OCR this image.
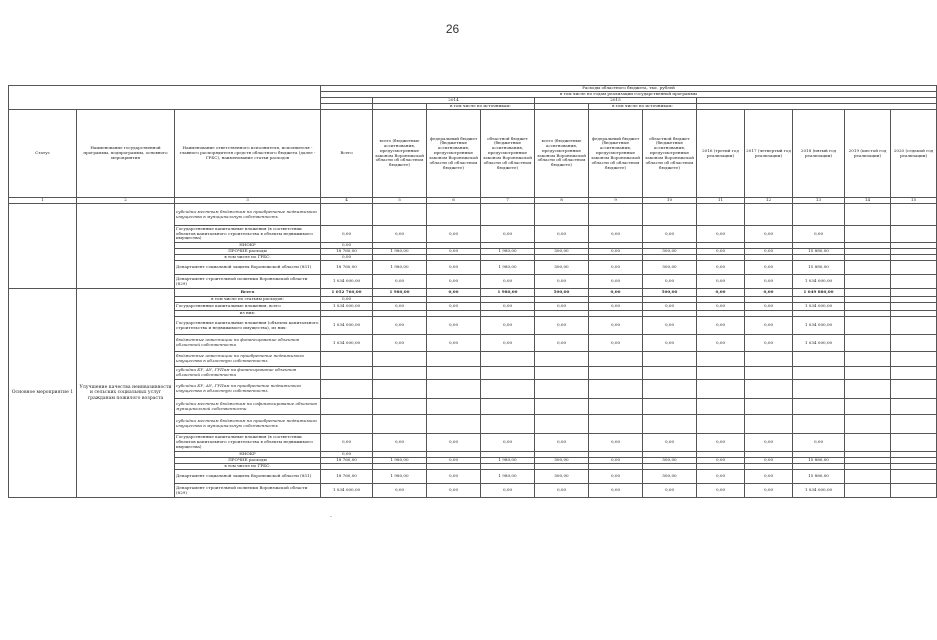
26
			Расходы областного бюджета, тыс. рублей											
			в том числе по годам реализации государственной программы											
				2014			2015							
					в том числе по источникам:			в том числе по источникам:						
Статус	Наименование государственной программы, подпрограммы, основного мероприятия	Наименование ответственного исполнителя, исполнителя - главного распорядителя средств областного бюджета (далее - ГРБС), наименование статьи расходов	Всего	всего (бюджетные ассигнования, предусмотренные законом Воронежской области об областном бюджете)	федеральный бюджет (бюджетные ассигнования, предусмотренные законом Воронежской области об областном бюджете)	областной бюджет (бюджетные ассигнования, предусмотренные законом Воронежской области об областном бюджете)	всего (бюджетные ассигнования, предусмотренные законом Воронежской области об областном бюджете)	федеральный бюджет (бюджетные ассигнования, предусмотренные законом Воронежской области об областном бюджете)	областной бюджет (бюджетные ассигнования, предусмотренные законом Воронежской области об областном бюджете)	2016 (третий год реализации)	2017 (четвертый год реализации)	2018 (пятый год реализации)	2019 (шестой год реализации)	2020 (седьмой год реализации)
1	2	3	4	5	6	7	8	9	10	11	12	13	14	15
		субсидии местным бюджетам на приобретение недвижимого имущества в муниципальную собственность												
		Государственные капитальные вложения (в соответствии объектов капитального строительства в объекты недвижимого имущества)	0,00	0,00	0,00	0,00	0,00	0,00	0,00	0,00	0,00	0,00		
		НИОКР	0,00											
		ПРОЧИЕ расходы	18 760,00	1 980,00	0,00	1 980,00	500,00	0,00	500,00	0,00	0,00	15 880,00		
		в том числе по ГРБС:	0,00											
		Департамент социальной защиты Воронежской области (851)	18 760,00	1 980,00	0,00	1 980,00	500,00	0,00	500,00	0,00	0,00	15 880,00		
		Департамент строительной политики Воронежской области (829)	1 034 000,00	0,00	0,00	0,00	0,00	0,00	0,00	0,00	0,00	1 034 000,00		
Основное мероприятие 1	Улучшение качества неинвазивности и сельских социальных услуг гражданам пожилого возраста	Всего	1 052 760,00	1 980,00	0,00	1 980,00	500,00	0,00	500,00	0,00	0,00	1 049 880,00		
		в том числе по статьям расходов:	0,00											
		Государственные капитальные вложения, всего	1 034 000,00	0,00	0,00	0,00	0,00	0,00	0,00	0,00	0,00	1 034 000,00		
		из них:												
		Государственные капитальные вложения (объекты капитального строительства и недвижимого имущества), из них:	1 034 000,00	0,00	0,00	0,00	0,00	0,00	0,00	0,00	0,00	1 034 000,00		
		бюджетные инвестиции на финансирование объектов областной собственности	1 034 000,00	0,00	0,00	0,00	0,00	0,00	0,00	0,00	0,00	1 034 000,00		
		бюджетные инвестиции на приобретение недвижимого имущества в областную собственность												
		субсидии БУ, АУ, ГУПам на финансирование объектов областной собственности												
		субсидии БУ, АУ, ГУПам на приобретение недвижимого имущества в областную собственность												
		субсидии местным бюджетам на софинансирование объектов муниципальной собственности												
		субсидии местным бюджетам на приобретение недвижимого имущества в муниципальную собственность												
		Государственные капитальные вложения (в соответствии объектов капитального строительства в объекты недвижимого имущества)	0,00	0,00	0,00	0,00	0,00	0,00	0,00	0,00	0,00	0,00		
		НИОКР	0,00											
		ПРОЧИЕ расходы	18 760,00	1 980,00	0,00	1 980,00	500,00	0,00	500,00	0,00	0,00	15 880,00		
		в том числе по ГРБС:												
		Департамент социальной защиты Воронежской области (851)	18 760,00	1 980,00	0,00	1 980,00	500,00	0,00	500,00	0,00	0,00	15 880,00		
		Департамент строительной политики Воронежской области (829)	1 034 000,00	0,00	0,00	0,00	0,00	0,00	0,00	0,00	0,00	1 034 000,00		
·
